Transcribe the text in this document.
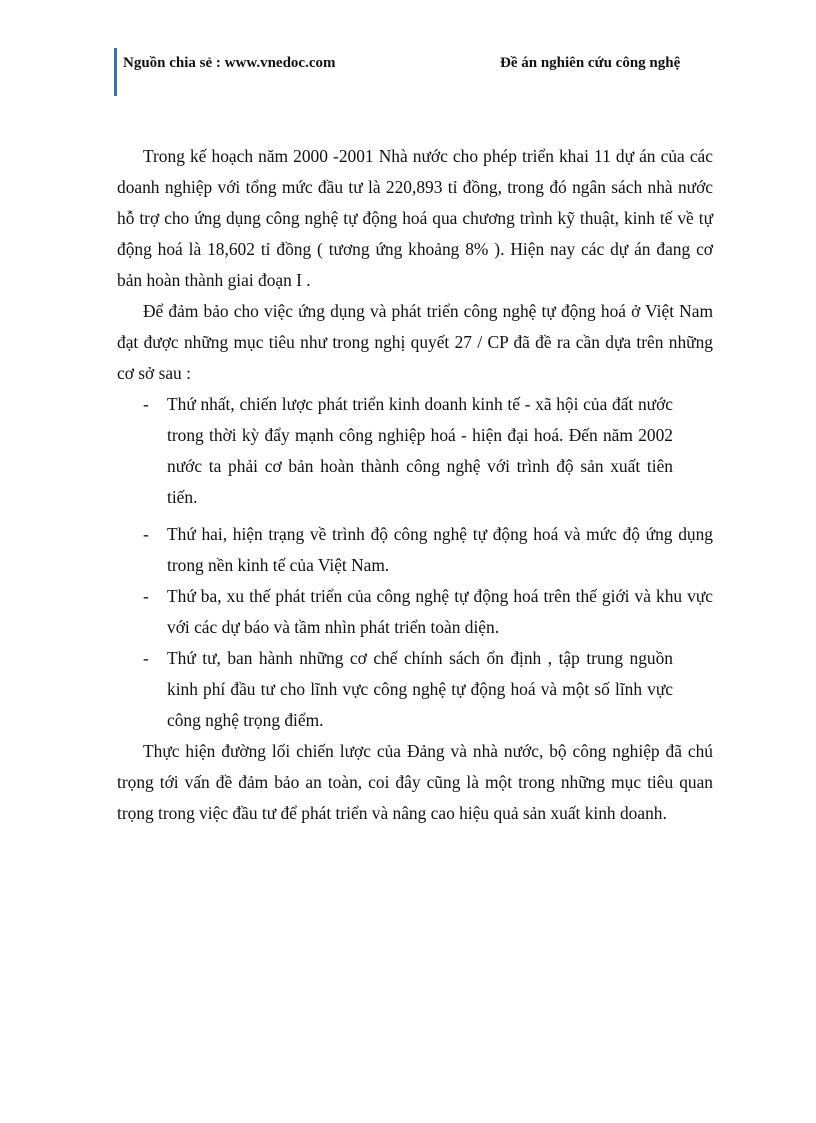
Nguồn chia sẻ : www.vnedoc.com	Đề án nghiên cứu công nghệ

Trong kế hoạch năm 2000 -2001 Nhà nước cho phép triển khai 11 dự án của các doanh nghiệp với tổng mức đầu tư là 220,893 tỉ đồng, trong đó ngân sách nhà nước hỗ trợ cho ứng dụng công nghệ tự động hoá qua chương trình kỹ thuật, kinh tế về tự động hoá là 18,602 tỉ đồng ( tương ứng khoảng 8% ). Hiện nay các dự án đang cơ bản hoàn thành giai đoạn I .

Để đảm bảo cho việc ứng dụng và phát triển công nghệ tự động hoá ở Việt Nam đạt được những mục tiêu như trong nghị quyết 27 / CP đã đề ra cần dựa trên những cơ sở sau :

- Thứ nhất, chiến lược phát triển kinh doanh kinh tế - xã hội của đất nước trong thời kỳ đẩy mạnh công nghiệp hoá - hiện đại hoá. Đến năm 2002 nước ta phải cơ bản hoàn thành công nghệ với trình độ sản xuất tiên tiến.
- Thứ hai, hiện trạng về trình độ công nghệ tự động hoá và mức độ ứng dụng trong nền kinh tế của Việt Nam.
- Thứ ba, xu thế phát triển của công nghệ tự động hoá trên thế giới và khu vực với các dự báo và tầm nhìn phát triển toàn diện.
- Thứ tư, ban hành những cơ chế chính sách ổn định , tập trung nguồn kinh phí đầu tư cho lĩnh vực công nghệ tự động hoá và một số lĩnh vực công nghệ trọng điểm.

Thực hiện đường lối chiến lược của Đảng và nhà nước, bộ công nghiệp đã chú trọng tới vấn đề đảm bảo an toàn, coi đây cũng là một trong những mục tiêu quan trọng trong việc đầu tư để phát triển và nâng cao hiệu quả sản xuất kinh doanh.
